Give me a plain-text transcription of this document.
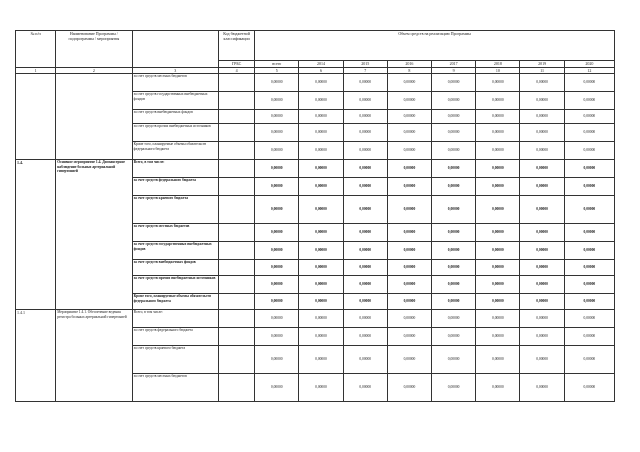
№ п/п	Наименование Программы / подпрограммы / мероприятия		Код бюджетной классификации	Объем средств на реализацию Программы							
			ГРБС	всего	2014	2015	2016	2017	2018	2019	2020
1	2	3	4	5	6	7	8	9	10	11	12
		за счет средств местных бюджетов		0,00000	0,00000	0,00000	0,00000	0,00000	0,00000	0,00000	0,00000
		за счет средств государственных внебюджетных фондов		0,00000	0,00000	0,00000	0,00000	0,00000	0,00000	0,00000	0,00000
		за счет средств внебюджетных фондов		0,00000	0,00000	0,00000	0,00000	0,00000	0,00000	0,00000	0,00000
		за счет средств прочих внебюджетных источников		0,00000	0,00000	0,00000	0,00000	0,00000	0,00000	0,00000	0,00000
		Кроме того, планируемые объемы обязательств федерального бюджета		0,00000	0,00000	0,00000	0,00000	0,00000	0,00000	0,00000	0,00000
1.4.	Основное мероприятие 1.4. Диспансерное наблюдение больных артериальной гипертонией	Всего, в том числе:		0,00000	0,00000	0,00000	0,00000	0,00000	0,00000	0,00000	0,00000
		за счет средств федерального бюджета		0,00000	0,00000	0,00000	0,00000	0,00000	0,00000	0,00000	0,00000
		за счет средств краевого бюджета		0,00000	0,00000	0,00000	0,00000	0,00000	0,00000	0,00000	0,00000
		за счет средств местных бюджетов		0,00000	0,00000	0,00000	0,00000	0,00000	0,00000	0,00000	0,00000
		за счет средств государственных внебюджетных фондов		0,00000	0,00000	0,00000	0,00000	0,00000	0,00000	0,00000	0,00000
		за счет средств внебюджетных фондов		0,00000	0,00000	0,00000	0,00000	0,00000	0,00000	0,00000	0,00000
		за счет средств прочих внебюджетных источников		0,00000	0,00000	0,00000	0,00000	0,00000	0,00000	0,00000	0,00000
		Кроме того, планируемые объемы обязательств федерального бюджета		0,00000	0,00000	0,00000	0,00000	0,00000	0,00000	0,00000	0,00000
1.4.1	Мероприятие 1.4.1. Обеспечение ведения регистра больных артериальной гипертонией	Всего, в том числе:		0,00000	0,00000	0,00000	0,00000	0,00000	0,00000	0,00000	0,00000
		за счет средств федерального бюджета		0,00000	0,00000	0,00000	0,00000	0,00000	0,00000	0,00000	0,00000
		за счет средств краевого бюджета		0,00000	0,00000	0,00000	0,00000	0,00000	0,00000	0,00000	0,00000
		за счет средств местных бюджетов		0,00000	0,00000	0,00000	0,00000	0,00000	0,00000	0,00000	0,00000
